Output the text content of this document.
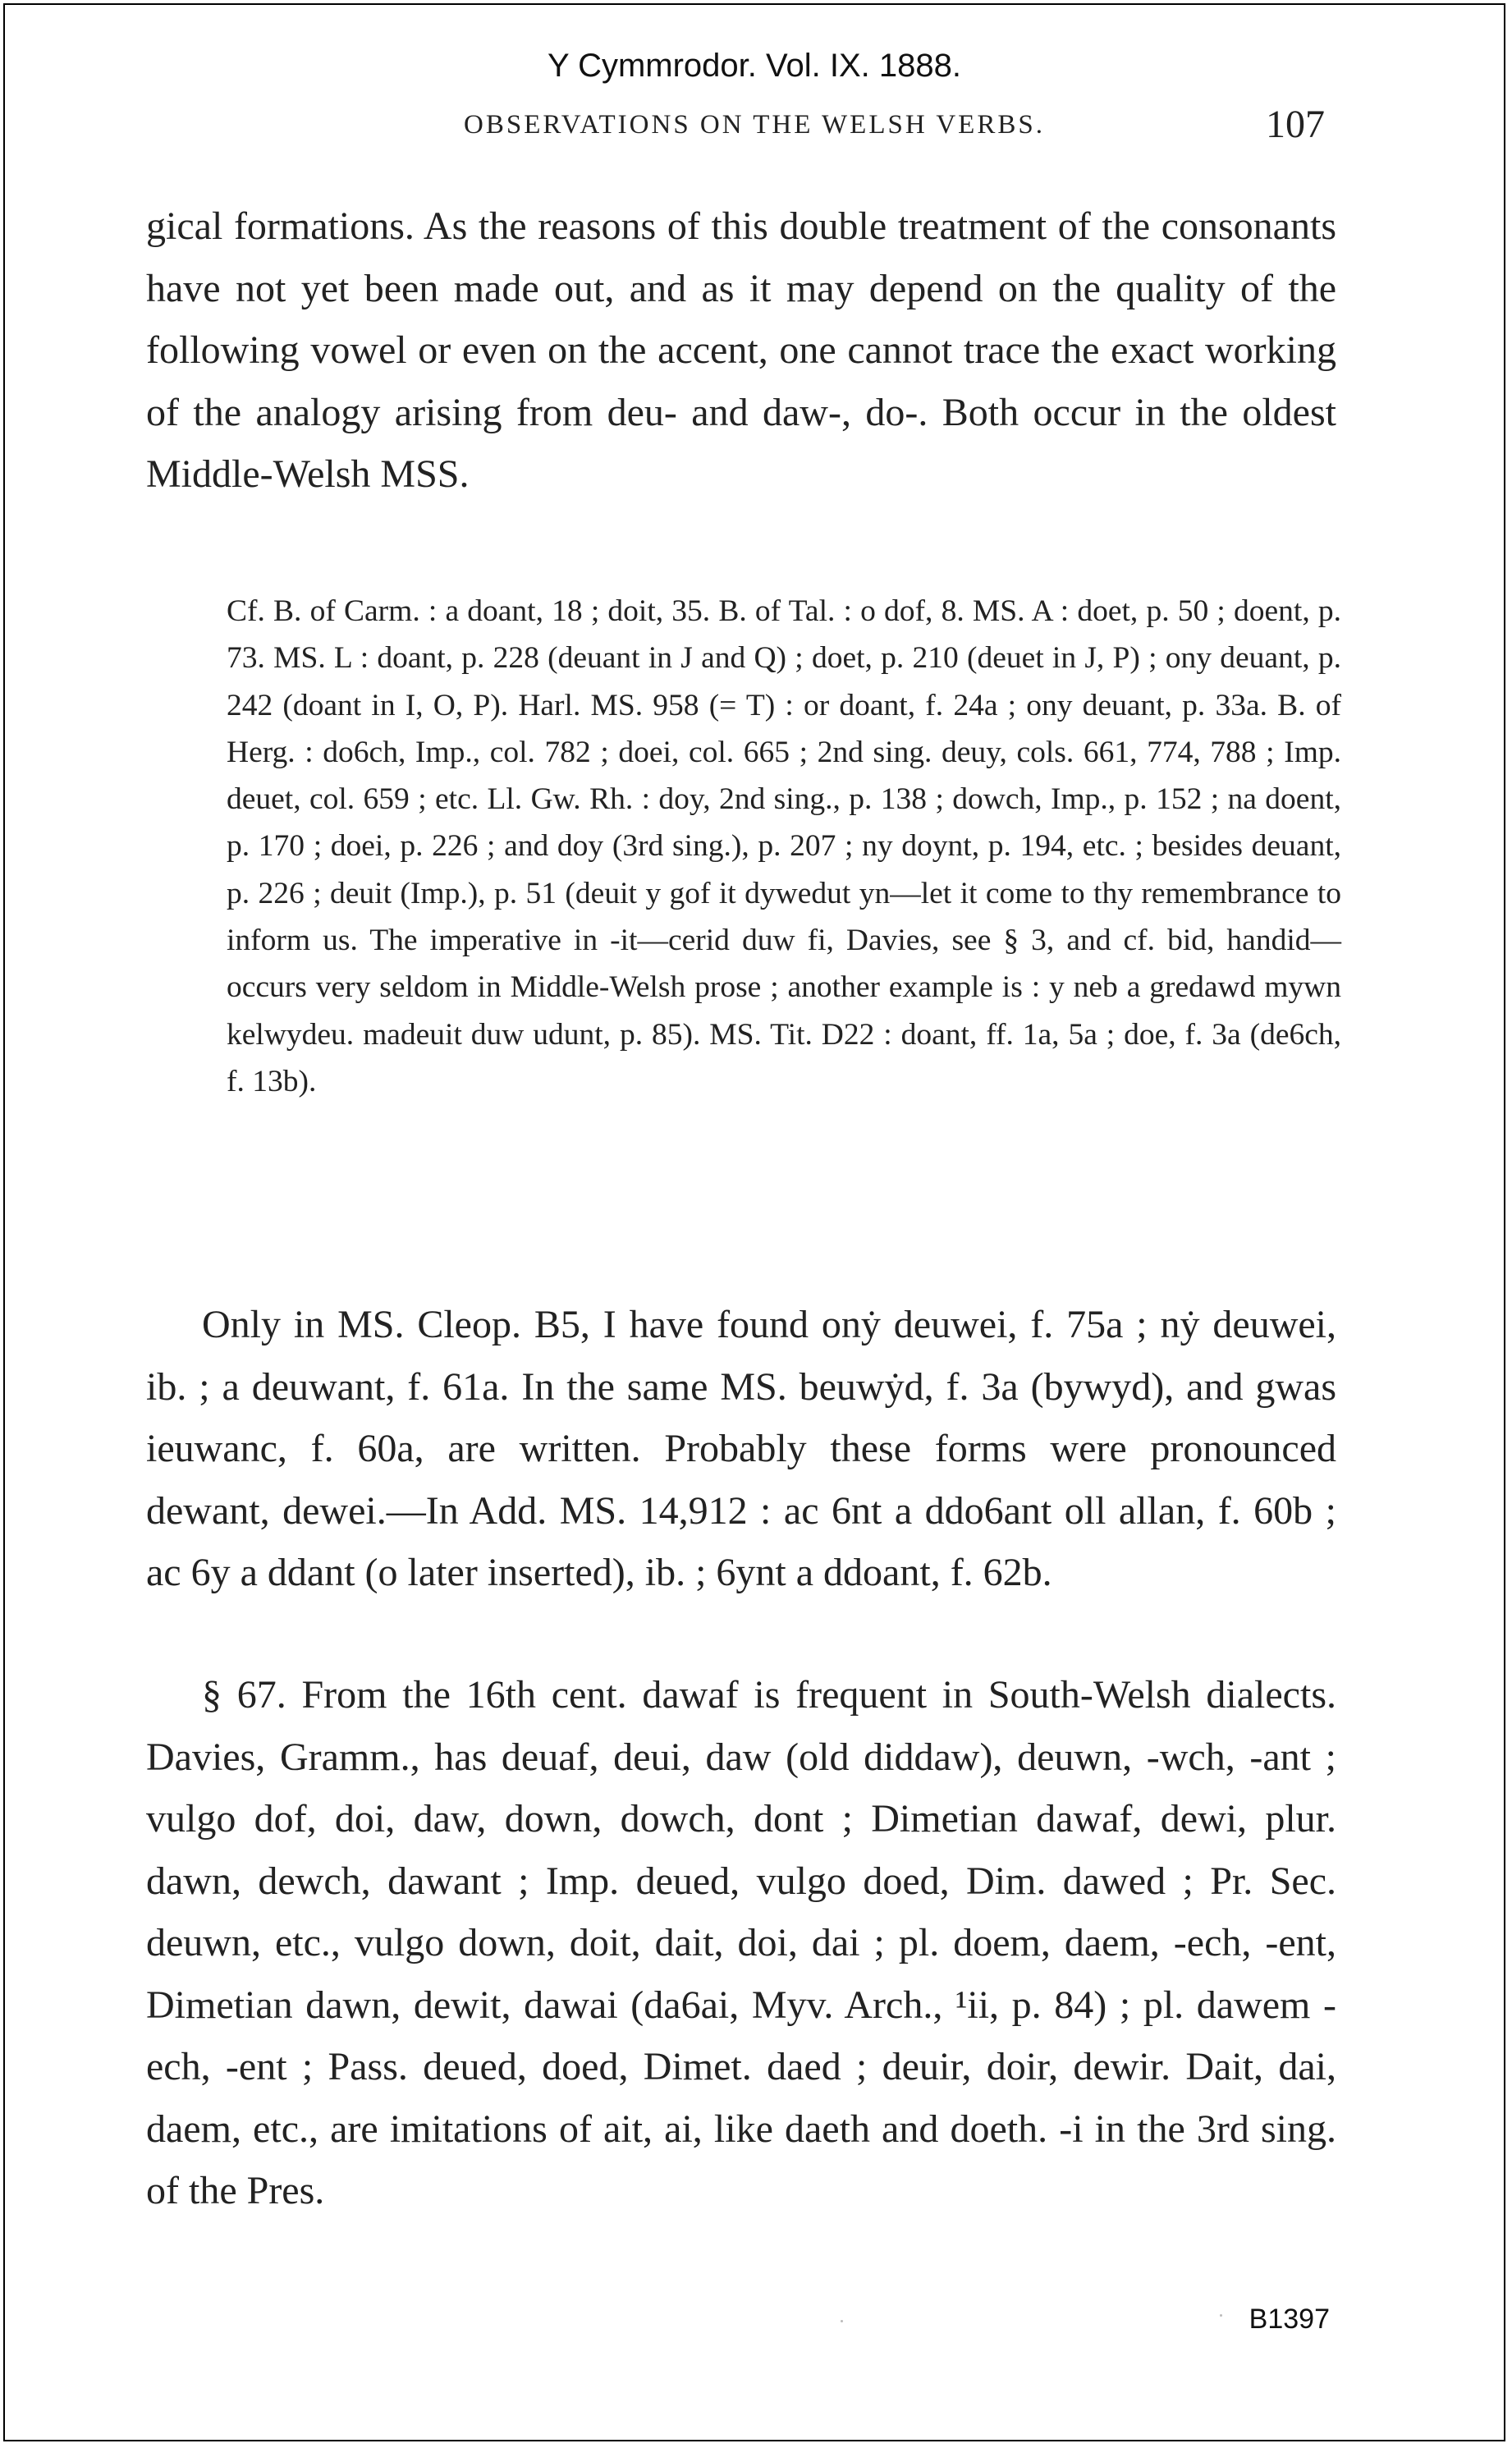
Y Cymmrodor. Vol. IX. 1888.
OBSERVATIONS ON THE WELSH VERBS.	107

gical formations. As the reasons of this double treatment of the consonants have not yet been made out, and as it may depend on the quality of the following vowel or even on the accent, one cannot trace the exact working of the analogy arising from deu- and daw-, do-. Both occur in the oldest Middle-Welsh MSS.

Cf. B. of Carm. : a doant, 18 ; doit, 35. B. of Tal. : o dof, 8. MS. A : doet, p. 50 ; doent, p. 73. MS. L : doant, p. 228 (deuant in J and Q) ; doet, p. 210 (deuet in J, P) ; ony deuant, p. 242 (doant in I, O, P). Harl. MS. 958 (= T) : or doant, f. 24a ; ony deuant, p. 33a. B. of Herg. : do6ch, Imp., col. 782 ; doei, col. 665 ; 2nd sing. deuy, cols. 661, 774, 788 ; Imp. deuet, col. 659 ; etc. Ll. Gw. Rh. : doy, 2nd sing., p. 138 ; dowch, Imp., p. 152 ; na doent, p. 170 ; doei, p. 226 ; and doy (3rd sing.), p. 207 ; ny doynt, p. 194, etc. ; besides deuant, p. 226 ; deuit (Imp.), p. 51 (deuit y gof it dywedut yn—let it come to thy remembrance to inform us. The imperative in -it—cerid duw fi, Davies, see § 3, and cf. bid, handid—occurs very seldom in Middle-Welsh prose ; another example is : y neb a gredawd mywn kelwydeu. madeuit duw udunt, p. 85). MS. Tit. D22 : doant, ff. 1a, 5a ; doe, f. 3a (de6ch, f. 13b).

Only in MS. Cleop. B5, I have found onẏ deuwei, f. 75a ; nẏ deuwei, ib. ; a deuwant, f. 61a. In the same MS. beuwẏd, f. 3a (bywyd), and gwas ieuwanc, f. 60a, are written. Probably these forms were pronounced dewant, dewei.—In Add. MS. 14,912 : ac 6nt a ddo6ant oll allan, f. 60b ; ac 6y a ddant (o later inserted), ib. ; 6ynt a ddoant, f. 62b.

§ 67. From the 16th cent. dawaf is frequent in South-Welsh dialects. Davies, Gramm., has deuaf, deui, daw (old diddaw), deuwn, -wch, -ant ; vulgo dof, doi, daw, down, dowch, dont ; Dimetian dawaf, dewi, plur. dawn, dewch, dawant ; Imp. deued, vulgo doed, Dim. dawed ; Pr. Sec. deuwn, etc., vulgo down, doit, dait, doi, dai ; pl. doem, daem, -ech, -ent, Dimetian dawn, dewit, dawai (da6ai, Myv. Arch., ¹ii, p. 84) ; pl. dawem -ech, -ent ; Pass. deued, doed, Dimet. daed ; deuir, doir, dewir. Dait, dai, daem, etc., are imitations of ait, ai, like daeth and doeth. -i in the 3rd sing. of the Pres.

B1397
